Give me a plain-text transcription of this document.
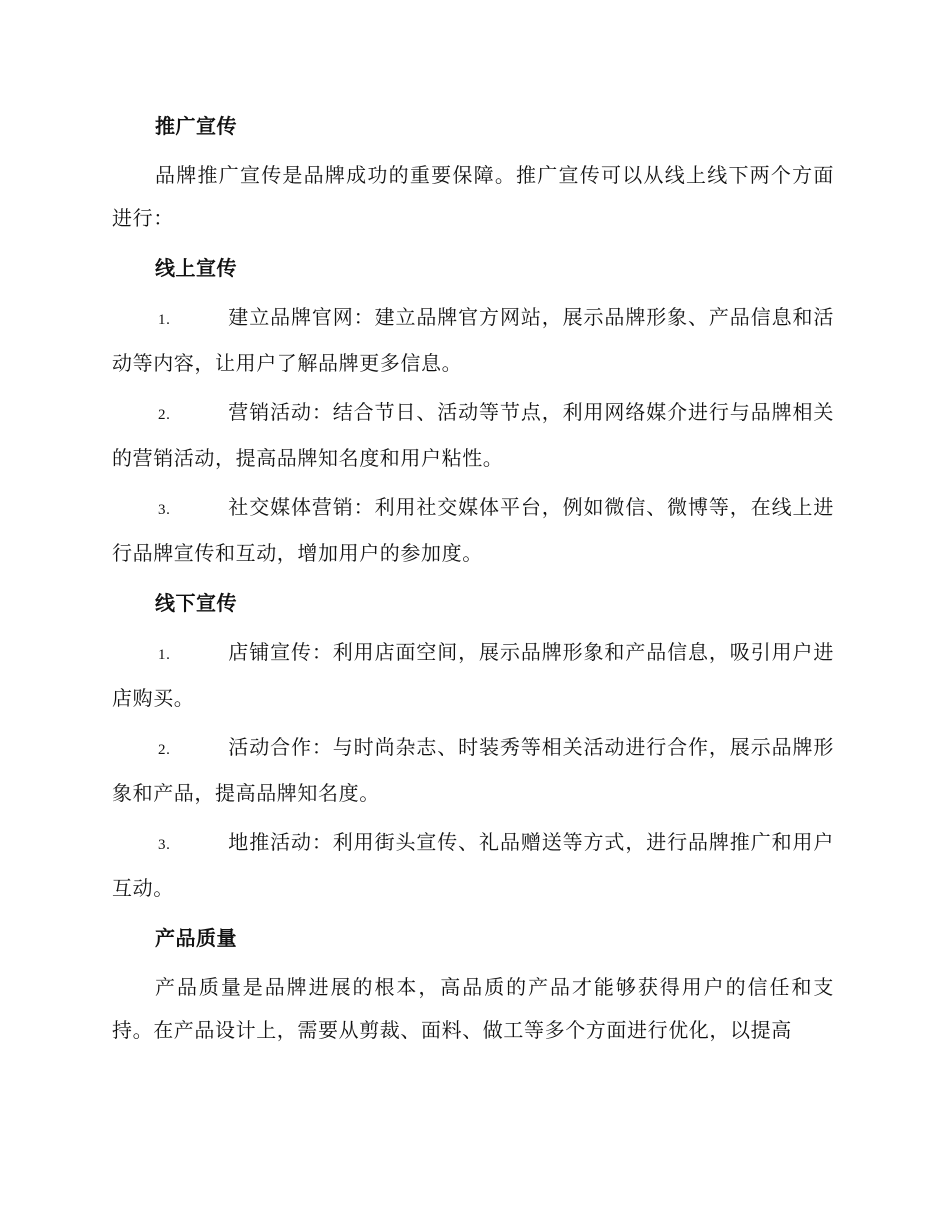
推广宣传

品牌推广宣传是品牌成功的重要保障。推广宣传可以从线上线下两个方面进行：

线上宣传

1.	建立品牌官网：建立品牌官方网站，展示品牌形象、产品信息和活动等内容，让用户了解品牌更多信息。

2.	营销活动：结合节日、活动等节点，利用网络媒介进行与品牌相关的营销活动，提高品牌知名度和用户粘性。

3.	社交媒体营销：利用社交媒体平台，例如微信、微博等，在线上进行品牌宣传和互动，增加用户的参加度。

线下宣传

1.	店铺宣传：利用店面空间，展示品牌形象和产品信息，吸引用户进店购买。

2.	活动合作：与时尚杂志、时装秀等相关活动进行合作，展示品牌形象和产品，提高品牌知名度。

3.	地推活动：利用街头宣传、礼品赠送等方式，进行品牌推广和用户互动。

产品质量

产品质量是品牌进展的根本，高品质的产品才能够获得用户的信任和支持。在产品设计上，需要从剪裁、面料、做工等多个方面进行优化，以提高
